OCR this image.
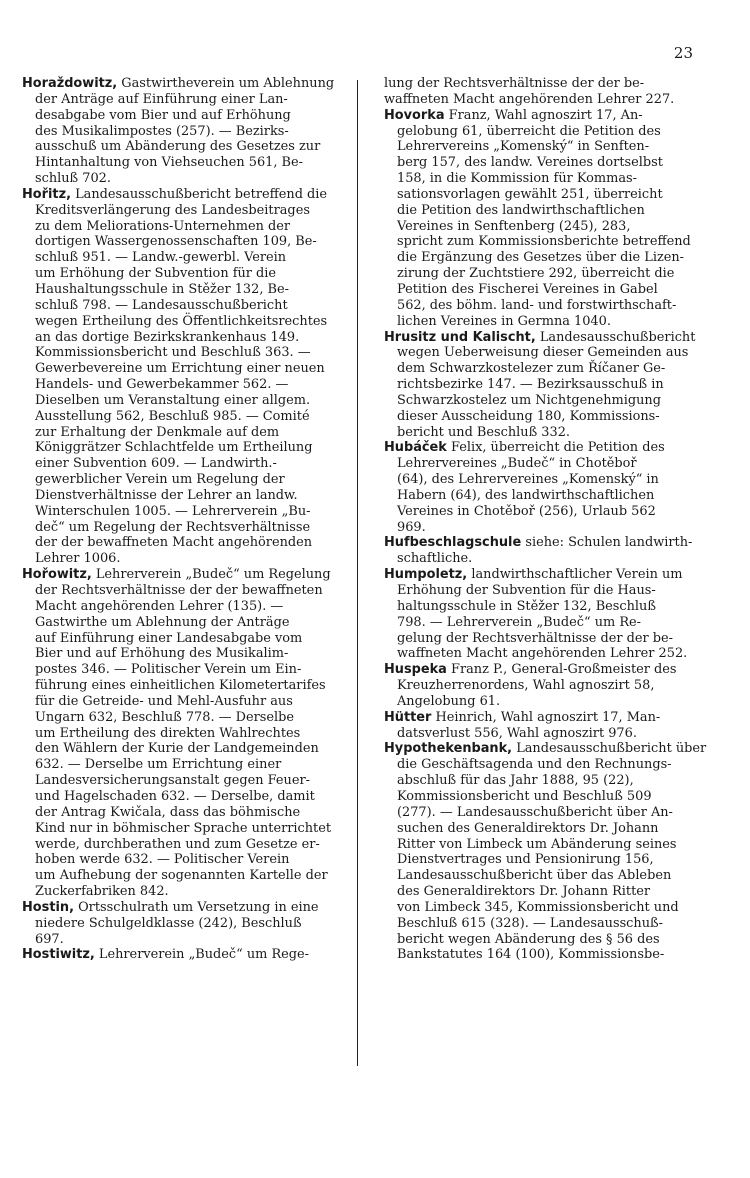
23

Horaždowitz, Gastwirtheverein um Ablehnung
der Anträge auf Einführung einer Lan-
desabgabe vom Bier und auf Erhöhung
des Musikalimpostes (257). — Bezirks-
ausschuß um Abänderung des Gesetzes zur
Hintanhaltung von Viehseuchen 561, Be-
schluß 702.

Hořitz, Landesausschußbericht betreffend die
Kreditsverlängerung des Landesbeitrages
zu dem Meliorations-Unternehmen der
dortigen Wassergenossenschaften 109, Be-
schluß 951. — Landw.-gewerbl. Verein
um Erhöhung der Subvention für die
Haushaltungsschule in Stěžer 132, Be-
schluß 798. — Landesausschußbericht
wegen Ertheilung des Öffentlichkeitsrechtes
an das dortige Bezirkskrankenhaus 149.
Kommissionsbericht und Beschluß 363. —
Gewerbevereine um Errichtung einer neuen
Handels- und Gewerbekammer 562. —
Dieselben um Veranstaltung einer allgem.
Ausstellung 562, Beschluß 985. — Comité
zur Erhaltung der Denkmale auf dem
Königgrätzer Schlachtfelde um Ertheilung
einer Subvention 609. — Landwirth.-
gewerblicher Verein um Regelung der
Dienstverhältnisse der Lehrer an landw.
Winterschulen 1005. — Lehrerverein „Bu-
deč“ um Regelung der Rechtsverhältnisse
der der bewaffneten Macht angehörenden
Lehrer 1006.

Hořowitz, Lehrerverein „Budeč“ um Regelung
der Rechtsverhältnisse der der bewaffneten
Macht angehörenden Lehrer (135). —
Gastwirthe um Ablehnung der Anträge
auf Einführung einer Landesabgabe vom
Bier und auf Erhöhung des Musikalim-
postes 346. — Politischer Verein um Ein-
führung eines einheitlichen Kilometertarifes
für die Getreide- und Mehl-Ausfuhr aus
Ungarn 632, Beschluß 778. — Derselbe
um Ertheilung des direkten Wahlrechtes
den Wählern der Kurie der Landgemeinden
632. — Derselbe um Errichtung einer
Landesversicherungsanstalt gegen Feuer-
und Hagelschaden 632. — Derselbe, damit
der Antrag Kwičala, dass das böhmische
Kind nur in böhmischer Sprache unterrichtet
werde, durchberathen und zum Gesetze er-
hoben werde 632. — Politischer Verein
um Aufhebung der sogenannten Kartelle der
Zuckerfabriken 842.

Hostin, Ortsschulrath um Versetzung in eine
niedere Schulgeldklasse (242), Beschluß
697.

Hostiwitz, Lehrerverein „Budeč“ um Rege-

lung der Rechtsverhältnisse der der be-
waffneten Macht angehörenden Lehrer 227.

Hovorka Franz, Wahl agnoszirt 17, An-
gelobung 61, überreicht die Petition des
Lehrervereins „Komenský“ in Senften-
berg 157, des landw. Vereines dortselbst
158, in die Kommission für Kommas-
sationsvorlagen gewählt 251, überreicht
die Petition des landwirthschaftlichen
Vereines in Senftenberg (245), 283,
spricht zum Kommissionsberichte betreffend
die Ergänzung des Gesetzes über die Lizen-
zirung der Zuchtstiere 292, überreicht die
Petition des Fischerei Vereines in Gabel
562, des böhm. land- und forstwirthschaft-
lichen Vereines in Germna 1040.

Hrusitz und Kalischt, Landesausschußbericht
wegen Ueberweisung dieser Gemeinden aus
dem Schwarzkostelezer zum Říčaner Ge-
richtsbezirke 147. — Bezirksausschuß in
Schwarzkostelez um Nichtgenehmigung
dieser Ausscheidung 180, Kommissions-
bericht und Beschluß 332.

Hubáček Felix, überreicht die Petition des
Lehrervereines „Budeč“ in Chotěboř
(64), des Lehrervereines „Komenský“ in
Habern (64), des landwirthschaftlichen
Vereines in Chotěboř (256), Urlaub 562
969.

Hufbeschlagschule siehe: Schulen landwirth-
schaftliche.

Humpoletz, landwirthschaftlicher Verein um
Erhöhung der Subvention für die Haus-
haltungsschule in Stěžer 132, Beschluß
798. — Lehrerverein „Budeč“ um Re-
gelung der Rechtsverhältnisse der der be-
waffneten Macht angehörenden Lehrer 252.

Huspeka Franz P., General-Großmeister des
Kreuzherrenordens, Wahl agnoszirt 58,
Angelobung 61.

Hütter Heinrich, Wahl agnoszirt 17, Man-
datsverlust 556, Wahl agnoszirt 976.

Hypothekenbank, Landesausschußbericht über
die Geschäftsagenda und den Rechnungs-
abschluß für das Jahr 1888, 95 (22),
Kommissionsbericht und Beschluß 509
(277). — Landesausschußbericht über An-
suchen des Generaldirektors Dr. Johann
Ritter von Limbeck um Abänderung seines
Dienstvertrages und Pensionirung 156,
Landesausschußbericht über das Ableben
des Generaldirektors Dr. Johann Ritter
von Limbeck 345, Kommissionsbericht und
Beschluß 615 (328). — Landesausschuß-
bericht wegen Abänderung des § 56 des
Bankstatutes 164 (100), Kommissionsbe-
